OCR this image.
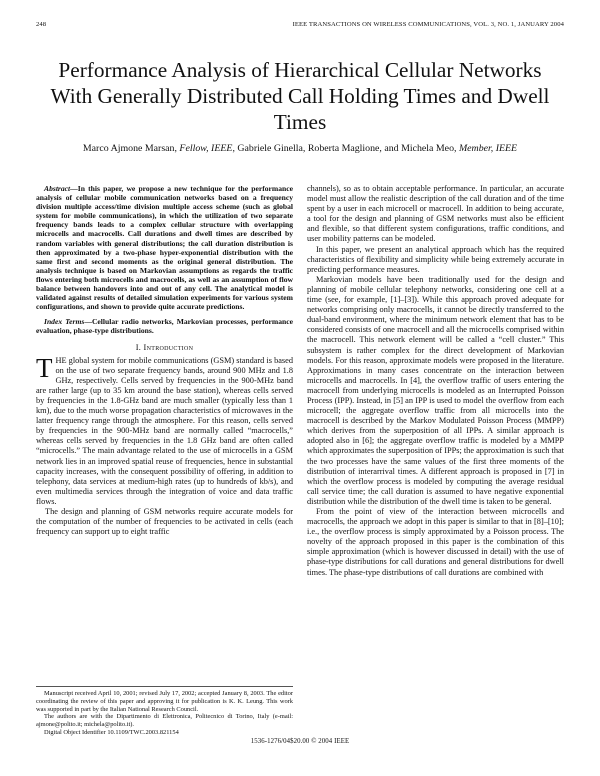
248	IEEE TRANSACTIONS ON WIRELESS COMMUNICATIONS, VOL. 3, NO. 1, JANUARY 2004
Performance Analysis of Hierarchical Cellular Networks With Generally Distributed Call Holding Times and Dwell Times
Marco Ajmone Marsan, Fellow, IEEE, Gabriele Ginella, Roberta Maglione, and Michela Meo, Member, IEEE

Abstract—In this paper, we propose a new technique for the performance analysis of cellular mobile communication networks based on a frequency division multiple access/time division multiple access scheme (such as global system for mobile communications), in which the utilization of two separate frequency bands leads to a complex cellular structure with overlapping microcells and macrocells. Call durations and dwell times are described by random variables with general distributions; the call duration distribution is then approximated by a two-phase hyper-exponential distribution with the same first and second moments as the original general distribution. The analysis technique is based on Markovian assumptions as regards the traffic flows entering both microcells and macrocells, as well as an assumption of flow balance between handovers into and out of any cell. The analytical model is validated against results of detailed simulation experiments for various system configurations, and shown to provide quite accurate predictions.

Index Terms—Cellular radio networks, Markovian processes, performance evaluation, phase-type distributions.

I. Introduction

THE global system for mobile communications (GSM) standard is based on the use of two separate frequency bands, around 900 MHz and 1.8 GHz, respectively. Cells served by frequencies in the 900-MHz band are rather large (up to 35 km around the base station), whereas cells served by frequencies in the 1.8-GHz band are much smaller (typically less than 1 km), due to the much worse propagation characteristics of microwaves in the latter frequency range through the atmosphere. For this reason, cells served by frequencies in the 900-MHz band are normally called “macrocells,” whereas cells served by frequencies in the 1.8 GHz band are often called “microcells.” The main advantage related to the use of microcells in a GSM network lies in an improved spatial reuse of frequencies, hence in substantial capacity increases, with the consequent possibility of offering, in addition to telephony, data services at medium-high rates (up to hundreds of kb/s), and even multimedia services through the integration of voice and data traffic flows.

The design and planning of GSM networks require accurate models for the computation of the number of frequencies to be activated in cells (each frequency can support up to eight traffic

Manuscript received April 10, 2001; revised July 17, 2002; accepted January 8, 2003. The editor coordinating the review of this paper and approving it for publication is K. K. Leung. This work was supported in part by the Italian National Research Council.

The authors are with the Dipartimento di Elettronica, Politecnico di Torino, Italy (e-mail: ajmone@polito.it; michela@polito.it).

Digital Object Identifier 10.1109/TWC.2003.821154

channels), so as to obtain acceptable performance. In particular, an accurate model must allow the realistic description of the call duration and of the time spent by a user in each microcell or macrocell. In addition to being accurate, a tool for the design and planning of GSM networks must also be efficient and flexible, so that different system configurations, traffic conditions, and user mobility patterns can be modeled.

In this paper, we present an analytical approach which has the required characteristics of flexibility and simplicity while being extremely accurate in predicting performance measures.

Markovian models have been traditionally used for the design and planning of mobile cellular telephony networks, considering one cell at a time (see, for example, [1]–[3]). While this approach proved adequate for networks comprising only macrocells, it cannot be directly transferred to the dual-band environment, where the minimum network element that has to be considered consists of one macrocell and all the microcells comprised within the macrocell. This network element will be called a “cell cluster.” This subsystem is rather complex for the direct development of Markovian models. For this reason, approximate models were proposed in the literature. Approximations in many cases concentrate on the interaction between microcells and macrocells. In [4], the overflow traffic of users entering the macrocell from underlying microcells is modeled as an Interrupted Poisson Process (IPP). Instead, in [5] an IPP is used to model the overflow from each microcell; the aggregate overflow traffic from all microcells into the macrocell is described by the Markov Modulated Poisson Process (MMPP) which derives from the superposition of all IPPs. A similar approach is adopted also in [6]; the aggregate overflow traffic is modeled by a MMPP which approximates the superposition of IPPs; the approximation is such that the two processes have the same values of the first three moments of the distribution of interarrival times. A different approach is proposed in [7] in which the overflow process is modeled by computing the average residual call service time; the call duration is assumed to have negative exponential distribution while the distribution of the dwell time is taken to be general.

From the point of view of the interaction between microcells and macrocells, the approach we adopt in this paper is similar to that in [8]–[10]; i.e., the overflow process is simply approximated by a Poisson process. The novelty of the approach proposed in this paper is the combination of this simple approximation (which is however discussed in detail) with the use of phase-type distributions for call durations and general distributions for dwell times. The phase-type distributions of call durations are combined with

1536-1276/04$20.00 © 2004 IEEE
